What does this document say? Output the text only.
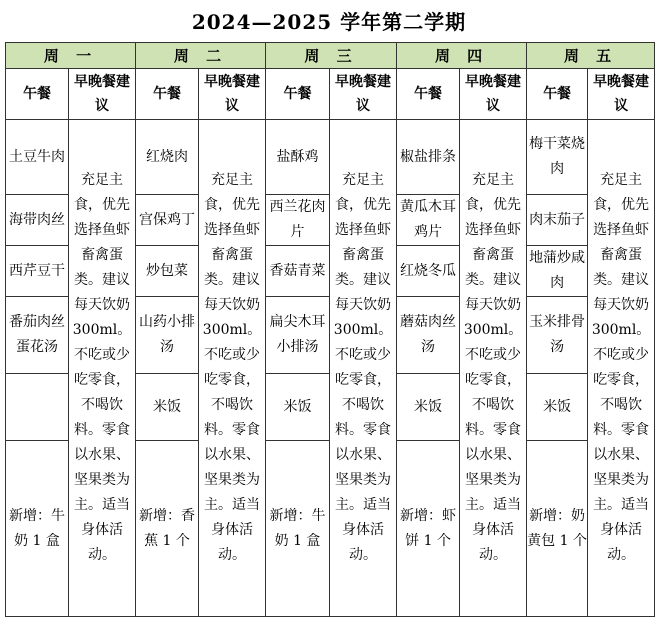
2024—2025 学年第二学期
周 一		周 二		周 三		周 四		周 五	
午餐	早晚餐建议	午餐	早晚餐建议	午餐	早晚餐建议	午餐	早晚餐建议	午餐	早晚餐建议
土豆牛肉	充足主食，优先选择鱼虾畜禽蛋类。建议每天饮奶 300ml。不吃或少吃零食，不喝饮料。零食以水果、坚果类为主。适当身体活动。	红烧肉	充足主食，优先选择鱼虾畜禽蛋类。建议每天饮奶 300ml。不吃或少吃零食，不喝饮料。零食以水果、坚果类为主。适当身体活动。	盐酥鸡	充足主食，优先选择鱼虾畜禽蛋类。建议每天饮奶 300ml。不吃或少吃零食，不喝饮料。零食以水果、坚果类为主。适当身体活动。	椒盐排条	充足主食，优先选择鱼虾畜禽蛋类。建议每天饮奶 300ml。不吃或少吃零食，不喝饮料。零食以水果、坚果类为主。适当身体活动。	梅干菜烧肉	充足主食，优先选择鱼虾畜禽蛋类。建议每天饮奶 300ml。不吃或少吃零食，不喝饮料。零食以水果、坚果类为主。适当身体活动。
海带肉丝		宫保鸡丁		西兰花肉片		黄瓜木耳鸡片		肉末茄子	
西芹豆干		炒包菜		香菇青菜		红烧冬瓜		地蒲炒咸肉	
番茄肉丝蛋花汤		山药小排汤		扁尖木耳小排汤		蘑菇肉丝汤		玉米排骨汤	
		米饭		米饭		米饭		米饭	
新增：牛奶 1 盒		新增：香蕉 1 个		新增：牛奶 1 盒		新增：虾饼 1 个		新增：奶黄包 1 个	
